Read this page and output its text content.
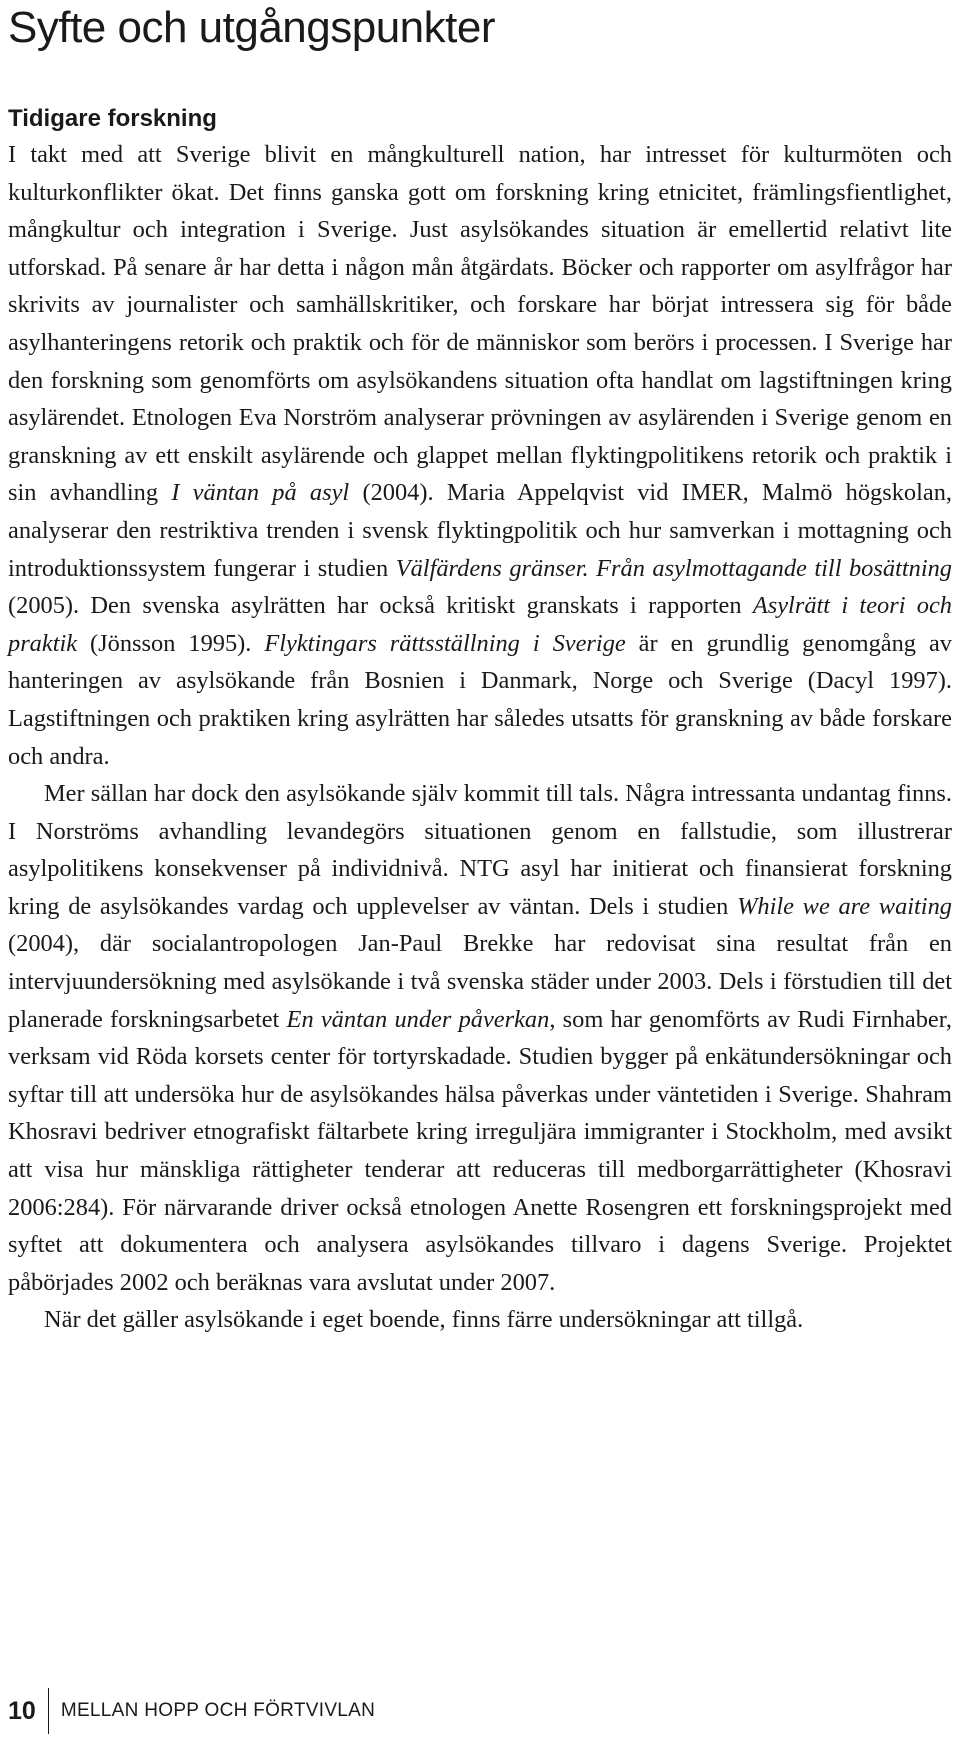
Syfte och utgångspunkter
Tidigare forskning

I takt med att Sverige blivit en mångkulturell nation, har intresset för kulturmöten och kulturkonflikter ökat. Det finns ganska gott om forskning kring etnicitet, främlingsfientlighet, mångkultur och integration i Sverige. Just asylsökandes situation är emellertid relativt lite utforskad. På senare år har detta i någon mån åtgärdats. Böcker och rapporter om asylfrågor har skrivits av journalister och samhällskritiker, och forskare har börjat intressera sig för både asylhanteringens retorik och praktik och för de människor som berörs i processen. I Sverige har den forskning som genomförts om asylsökandens situation ofta handlat om lagstiftningen kring asylärendet. Etnologen Eva Norström analyserar prövningen av asylärenden i Sverige genom en granskning av ett enskilt asylärende och glappet mellan flyktingpolitikens retorik och praktik i sin avhandling I väntan på asyl (2004). Maria Appelqvist vid IMER, Malmö högskolan, analyserar den restriktiva trenden i svensk flyktingpolitik och hur samverkan i mottagning och introduktionssystem fungerar i studien Välfärdens gränser. Från asylmottagande till bosättning (2005). Den svenska asylrätten har också kritiskt granskats i rapporten Asylrätt i teori och praktik (Jönsson 1995). Flyktingars rättsställning i Sverige är en grundlig genomgång av hanteringen av asylsökande från Bosnien i Danmark, Norge och Sverige (Dacyl 1997). Lagstiftningen och praktiken kring asylrätten har således utsatts för granskning av både forskare och andra.

Mer sällan har dock den asylsökande själv kommit till tals. Några intressanta undantag finns. I Norströms avhandling levandegörs situationen genom en fallstudie, som illustrerar asylpolitikens konsekvenser på individnivå. NTG asyl har initierat och finansierat forskning kring de asylsökandes vardag och upplevelser av väntan. Dels i studien While we are waiting (2004), där socialantropologen Jan-Paul Brekke har redovisat sina resultat från en intervjuundersökning med asylsökande i två svenska städer under 2003. Dels i förstudien till det planerade forskningsarbetet En väntan under påverkan, som har genomförts av Rudi Firnhaber, verksam vid Röda korsets center för tortyrskadade. Studien bygger på enkätundersökningar och syftar till att undersöka hur de asylsökandes hälsa påverkas under väntetiden i Sverige. Shahram Khosravi bedriver etnografiskt fältarbete kring irreguljära immigranter i Stockholm, med avsikt att visa hur mänskliga rättigheter tenderar att reduceras till medborgarrättigheter (Khosravi 2006:284). För närvarande driver också etnologen Anette Rosengren ett forskningsprojekt med syftet att dokumentera och analysera asylsökandes tillvaro i dagens Sverige. Projektet påbörjades 2002 och beräknas vara avslutat under 2007.

När det gäller asylsökande i eget boende, finns färre undersökningar att tillgå.

10	MELLAN HOPP OCH FÖRTVIVLAN
